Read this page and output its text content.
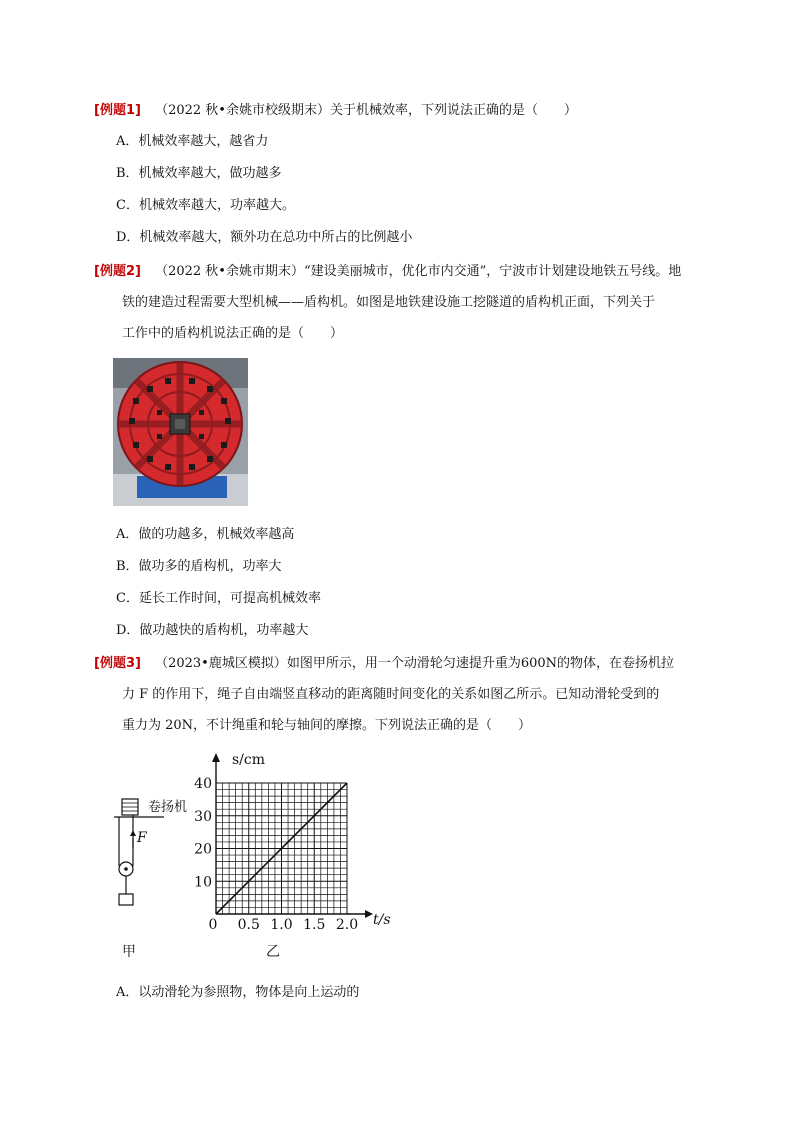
[例题1] （2022 秋•余姚市校级期末）关于机械效率，下列说法正确的是（　　）
A．机械效率越大，越省力
B．机械效率越大，做功越多
C．机械效率越大，功率越大。
D．机械效率越大，额外功在总功中所占的比例越小
[例题2] （2022 秋•余姚市期末）“建设美丽城市，优化市内交通”，宁波市计划建设地铁五号线。地
铁的建造过程需要大型机械——盾构机。如图是地铁建设施工挖隧道的盾构机正面，下列关于
工作中的盾构机说法正确的是（　　）
A．做的功越多，机械效率越高
B．做功多的盾构机，功率大
C．延长工作时间，可提高机械效率
D．做功越快的盾构机，功率越大
[例题3] （2023•鹿城区模拟）如图甲所示，用一个动滑轮匀速提升重为600N的物体，在卷扬机拉
力 F 的作用下，绳子自由端竖直移动的距离随时间变化的关系如图乙所示。已知动滑轮受到的
重力为 20N，不计绳重和轮与轴间的摩擦。下列说法正确的是（　　）
卷扬机
F
甲
0 0.5 1.0 1.5 2.0
10
20
30
40
s/cm
t/s
乙
A．以动滑轮为参照物，物体是向上运动的
